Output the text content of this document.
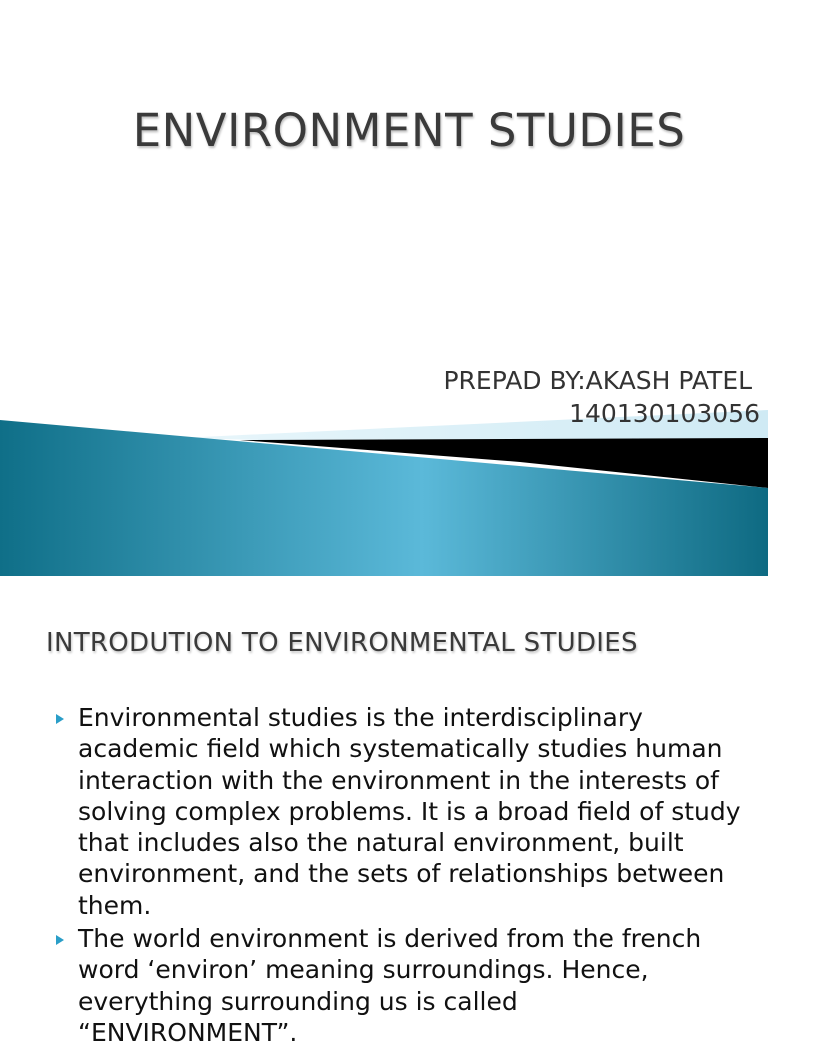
ENVIRONMENT STUDIES
PREPAD BY:AKASH PATEL
140130103056
INTRODUTION TO ENVIRONMENTAL STUDIES
Environmental studies is the interdisciplinary academic field which systematically studies human interaction with the environment in the interests of solving complex problems. It is a broad field of study that includes also the natural environment, built environment, and the sets of relationships between them.
The world environment is derived from the french word ‘environ’ meaning surroundings. Hence, everything surrounding us is called “ENVIRONMENT”.
